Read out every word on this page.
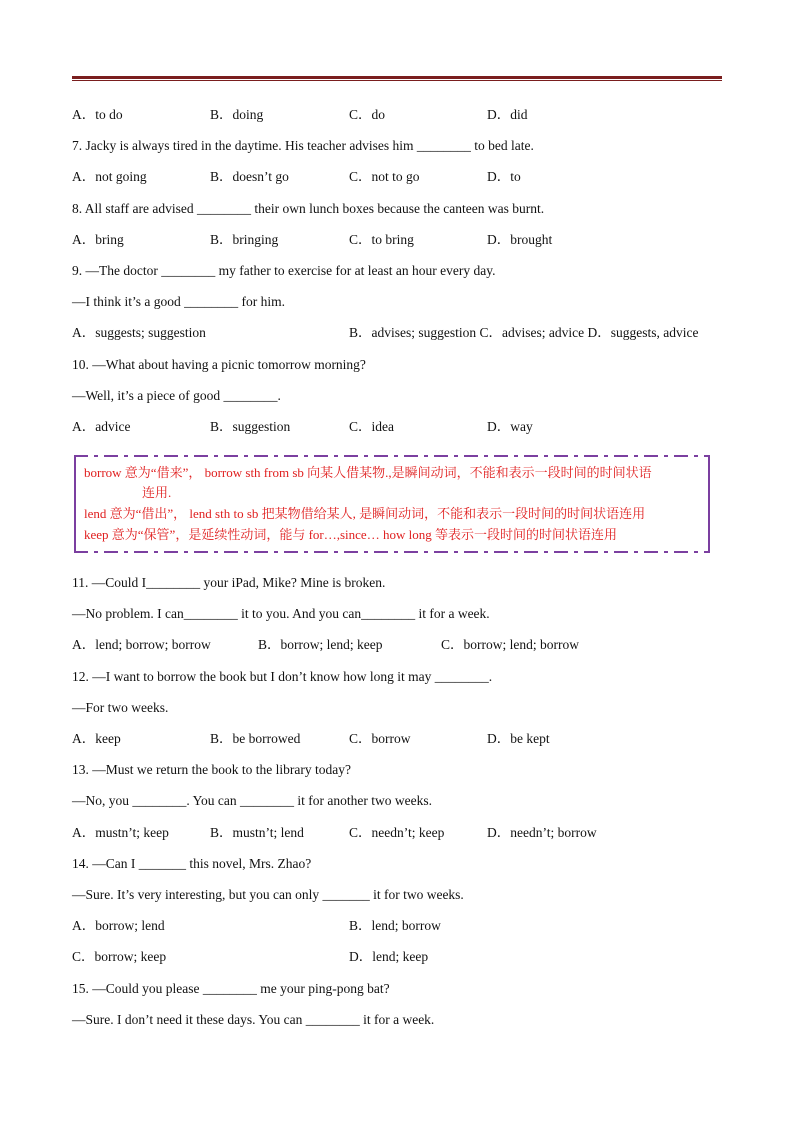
A．to do	B．doing	C．do	D．did
7. Jacky is always tired in the daytime. His teacher advises him ________ to bed late.
A．not going	B．doesn’t go	C．not to go	D．to
8. All staff are advised ________ their own lunch boxes because the canteen was burnt.
A．bring	B．bringing	C．to bring	D．brought
9. —The doctor ________ my father to exercise for at least an hour every day.
—I think it’s a good ________ for him.
A．suggests; suggestion	B．advises; suggestion C．advises; advice D．suggests, advice
10. —What about having a picnic tomorrow morning?
—Well, it’s a piece of good ________.
A．advice	B．suggestion	C．idea	D．way
11. —Could I________ your iPad, Mike? Mine is broken.
—No problem. I can________ it to you. And you can________ it for a week.
A．lend; borrow; borrow	B．borrow; lend; keep	C．borrow; lend; borrow
12. —I want to borrow the book but I don’t know how long it may ________.
—For two weeks.
A．keep	B．be borrowed	C．borrow	D．be kept
13. —Must we return the book to the library today?
—No, you ________. You can ________ it for another two weeks.
A．mustn’t; keep	B．mustn’t; lend	C．needn’t; keep	D．needn’t; borrow
14. —Can I _______ this novel, Mrs. Zhao?
—Sure. It’s very interesting, but you can only _______ it for two weeks.
A．borrow; lend	B．lend; borrow
C．borrow; keep	D．lend; keep
15. —Could you please ________ me your ping-pong bat?
—Sure. I don’t need it these days. You can ________ it for a week.
borrow 意为“借来”， borrow sth from sb 向某人借某物.,是瞬间动词，不能和表示一段时间的时间状语
连用.
lend 意为“借出”， lend sth to sb 把某物借给某人, 是瞬间动词，不能和表示一段时间的时间状语连用
keep 意为“保管”，是延续性动词，能与 for…,since… how long 等表示一段时间的时间状语连用
